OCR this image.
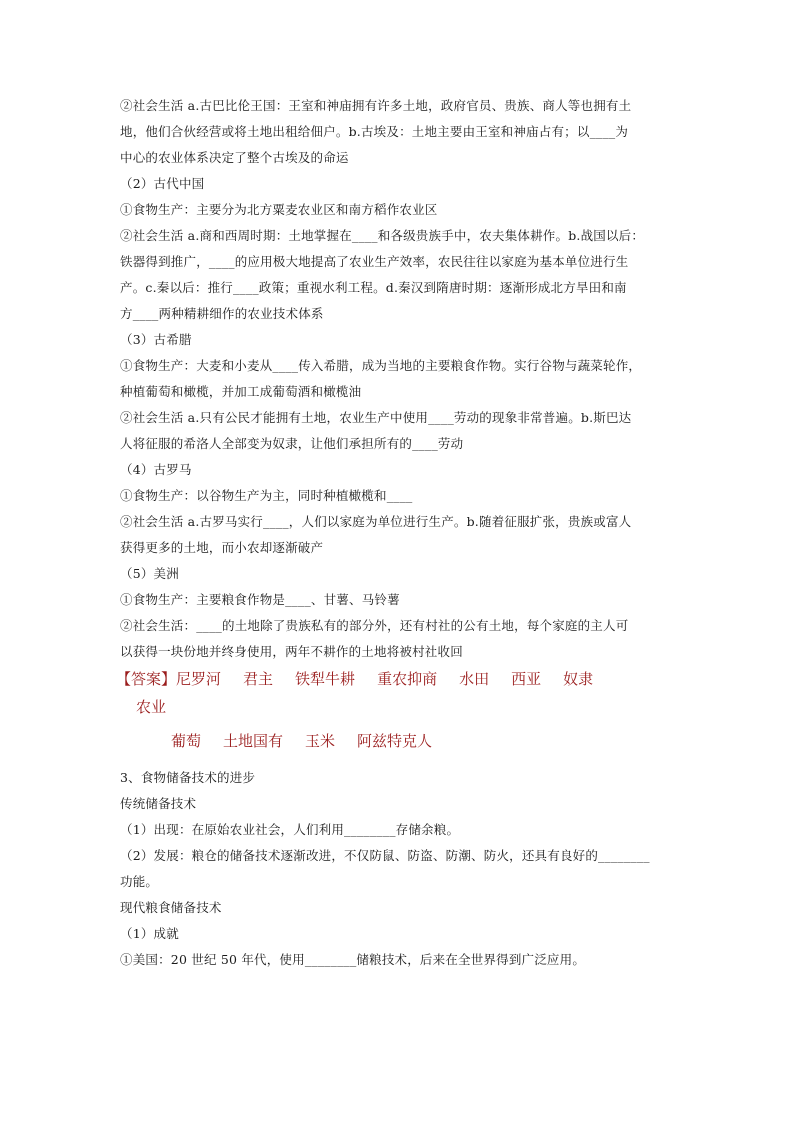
②社会生活 a.古巴比伦王国：王室和神庙拥有许多土地，政府官员、贵族、商人等也拥有土
地，他们合伙经营或将土地出租给佃户。b.古埃及：土地主要由王室和神庙占有；以____为
中心的农业体系决定了整个古埃及的命运
（2）古代中国
①食物生产：主要分为北方粟麦农业区和南方稻作农业区
②社会生活 a.商和西周时期：土地掌握在____和各级贵族手中，农夫集体耕作。b.战国以后：
铁器得到推广，____的应用极大地提高了农业生产效率，农民往往以家庭为基本单位进行生
产。c.秦以后：推行____政策；重视水利工程。d.秦汉到隋唐时期：逐渐形成北方旱田和南
方____两种精耕细作的农业技术体系
（3）古希腊
①食物生产：大麦和小麦从____传入希腊，成为当地的主要粮食作物。实行谷物与蔬菜轮作，
种植葡萄和橄榄，并加工成葡萄酒和橄榄油
②社会生活 a.只有公民才能拥有土地，农业生产中使用____劳动的现象非常普遍。b.斯巴达
人将征服的希洛人全部变为奴隶，让他们承担所有的____劳动
（4）古罗马
①食物生产：以谷物生产为主，同时种植橄榄和____
②社会生活 a.古罗马实行____，人们以家庭为单位进行生产。b.随着征服扩张，贵族或富人
获得更多的土地，而小农却逐渐破产
（5）美洲
①食物生产：主要粮食作物是____、甘薯、马铃薯
②社会生活：____的土地除了贵族私有的部分外，还有村社的公有土地，每个家庭的主人可
以获得一块份地并终身使用，两年不耕作的土地将被村社收回
【答案】尼罗河 君主 铁犁牛耕 重农抑商 水田 西亚 奴隶
农业
葡萄 土地国有 玉米 阿兹特克人
3、食物储备技术的进步
传统储备技术
（1）出现：在原始农业社会，人们利用________存储余粮。
（2）发展：粮仓的储备技术逐渐改进，不仅防鼠、防盗、防潮、防火，还具有良好的________
功能。
现代粮食储备技术
（1）成就
①美国：20 世纪 50 年代，使用________储粮技术，后来在全世界得到广泛应用。
